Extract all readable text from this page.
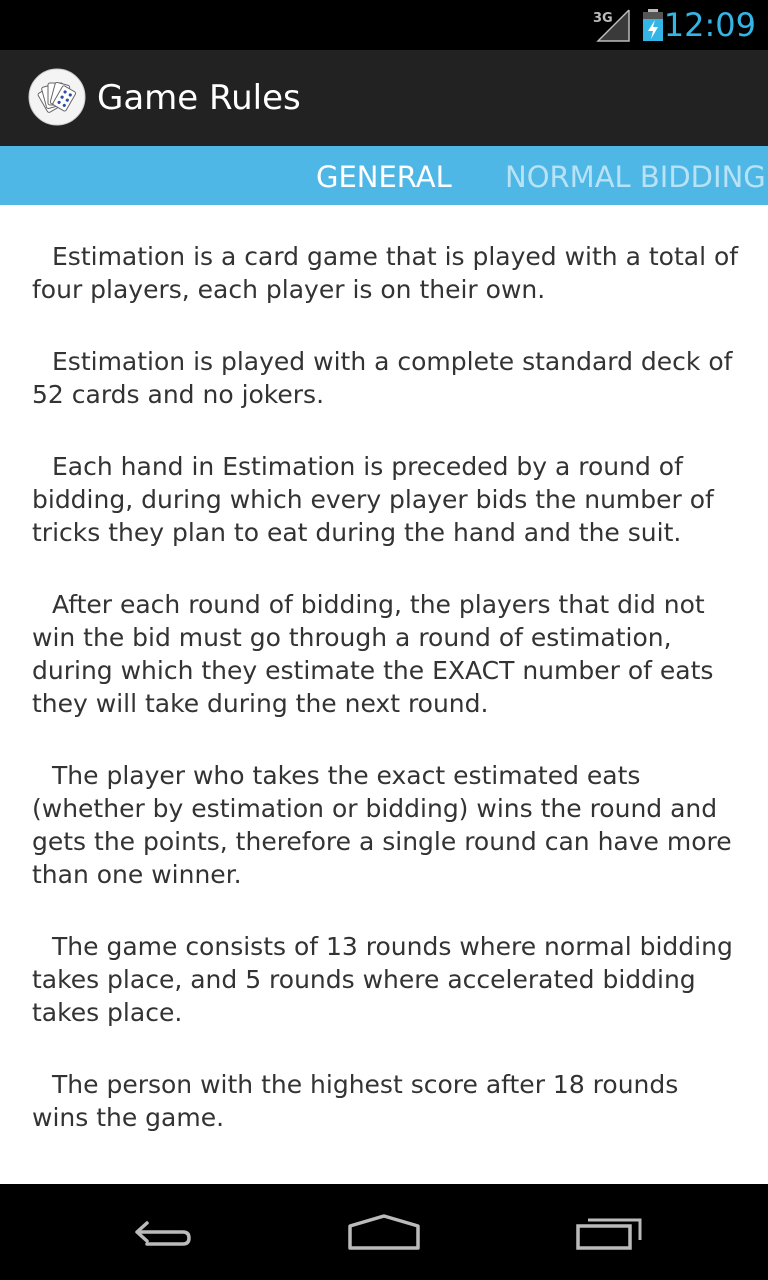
3G 12:09
Game Rules
GENERAL NORMAL BIDDING

Estimation is a card game that is played with a total of four players, each player is on their own.

Estimation is played with a complete standard deck of 52 cards and no jokers.

Each hand in Estimation is preceded by a round of bidding, during which every player bids the number of tricks they plan to eat during the hand and the suit.

After each round of bidding, the players that did not win the bid must go through a round of estimation, during which they estimate the EXACT number of eats they will take during the next round.

The player who takes the exact estimated eats (whether by estimation or bidding) wins the round and gets the points, therefore a single round can have more than one winner.

The game consists of 13 rounds where normal bidding takes place, and 5 rounds where accelerated bidding takes place.

The person with the highest score after 18 rounds wins the game.
